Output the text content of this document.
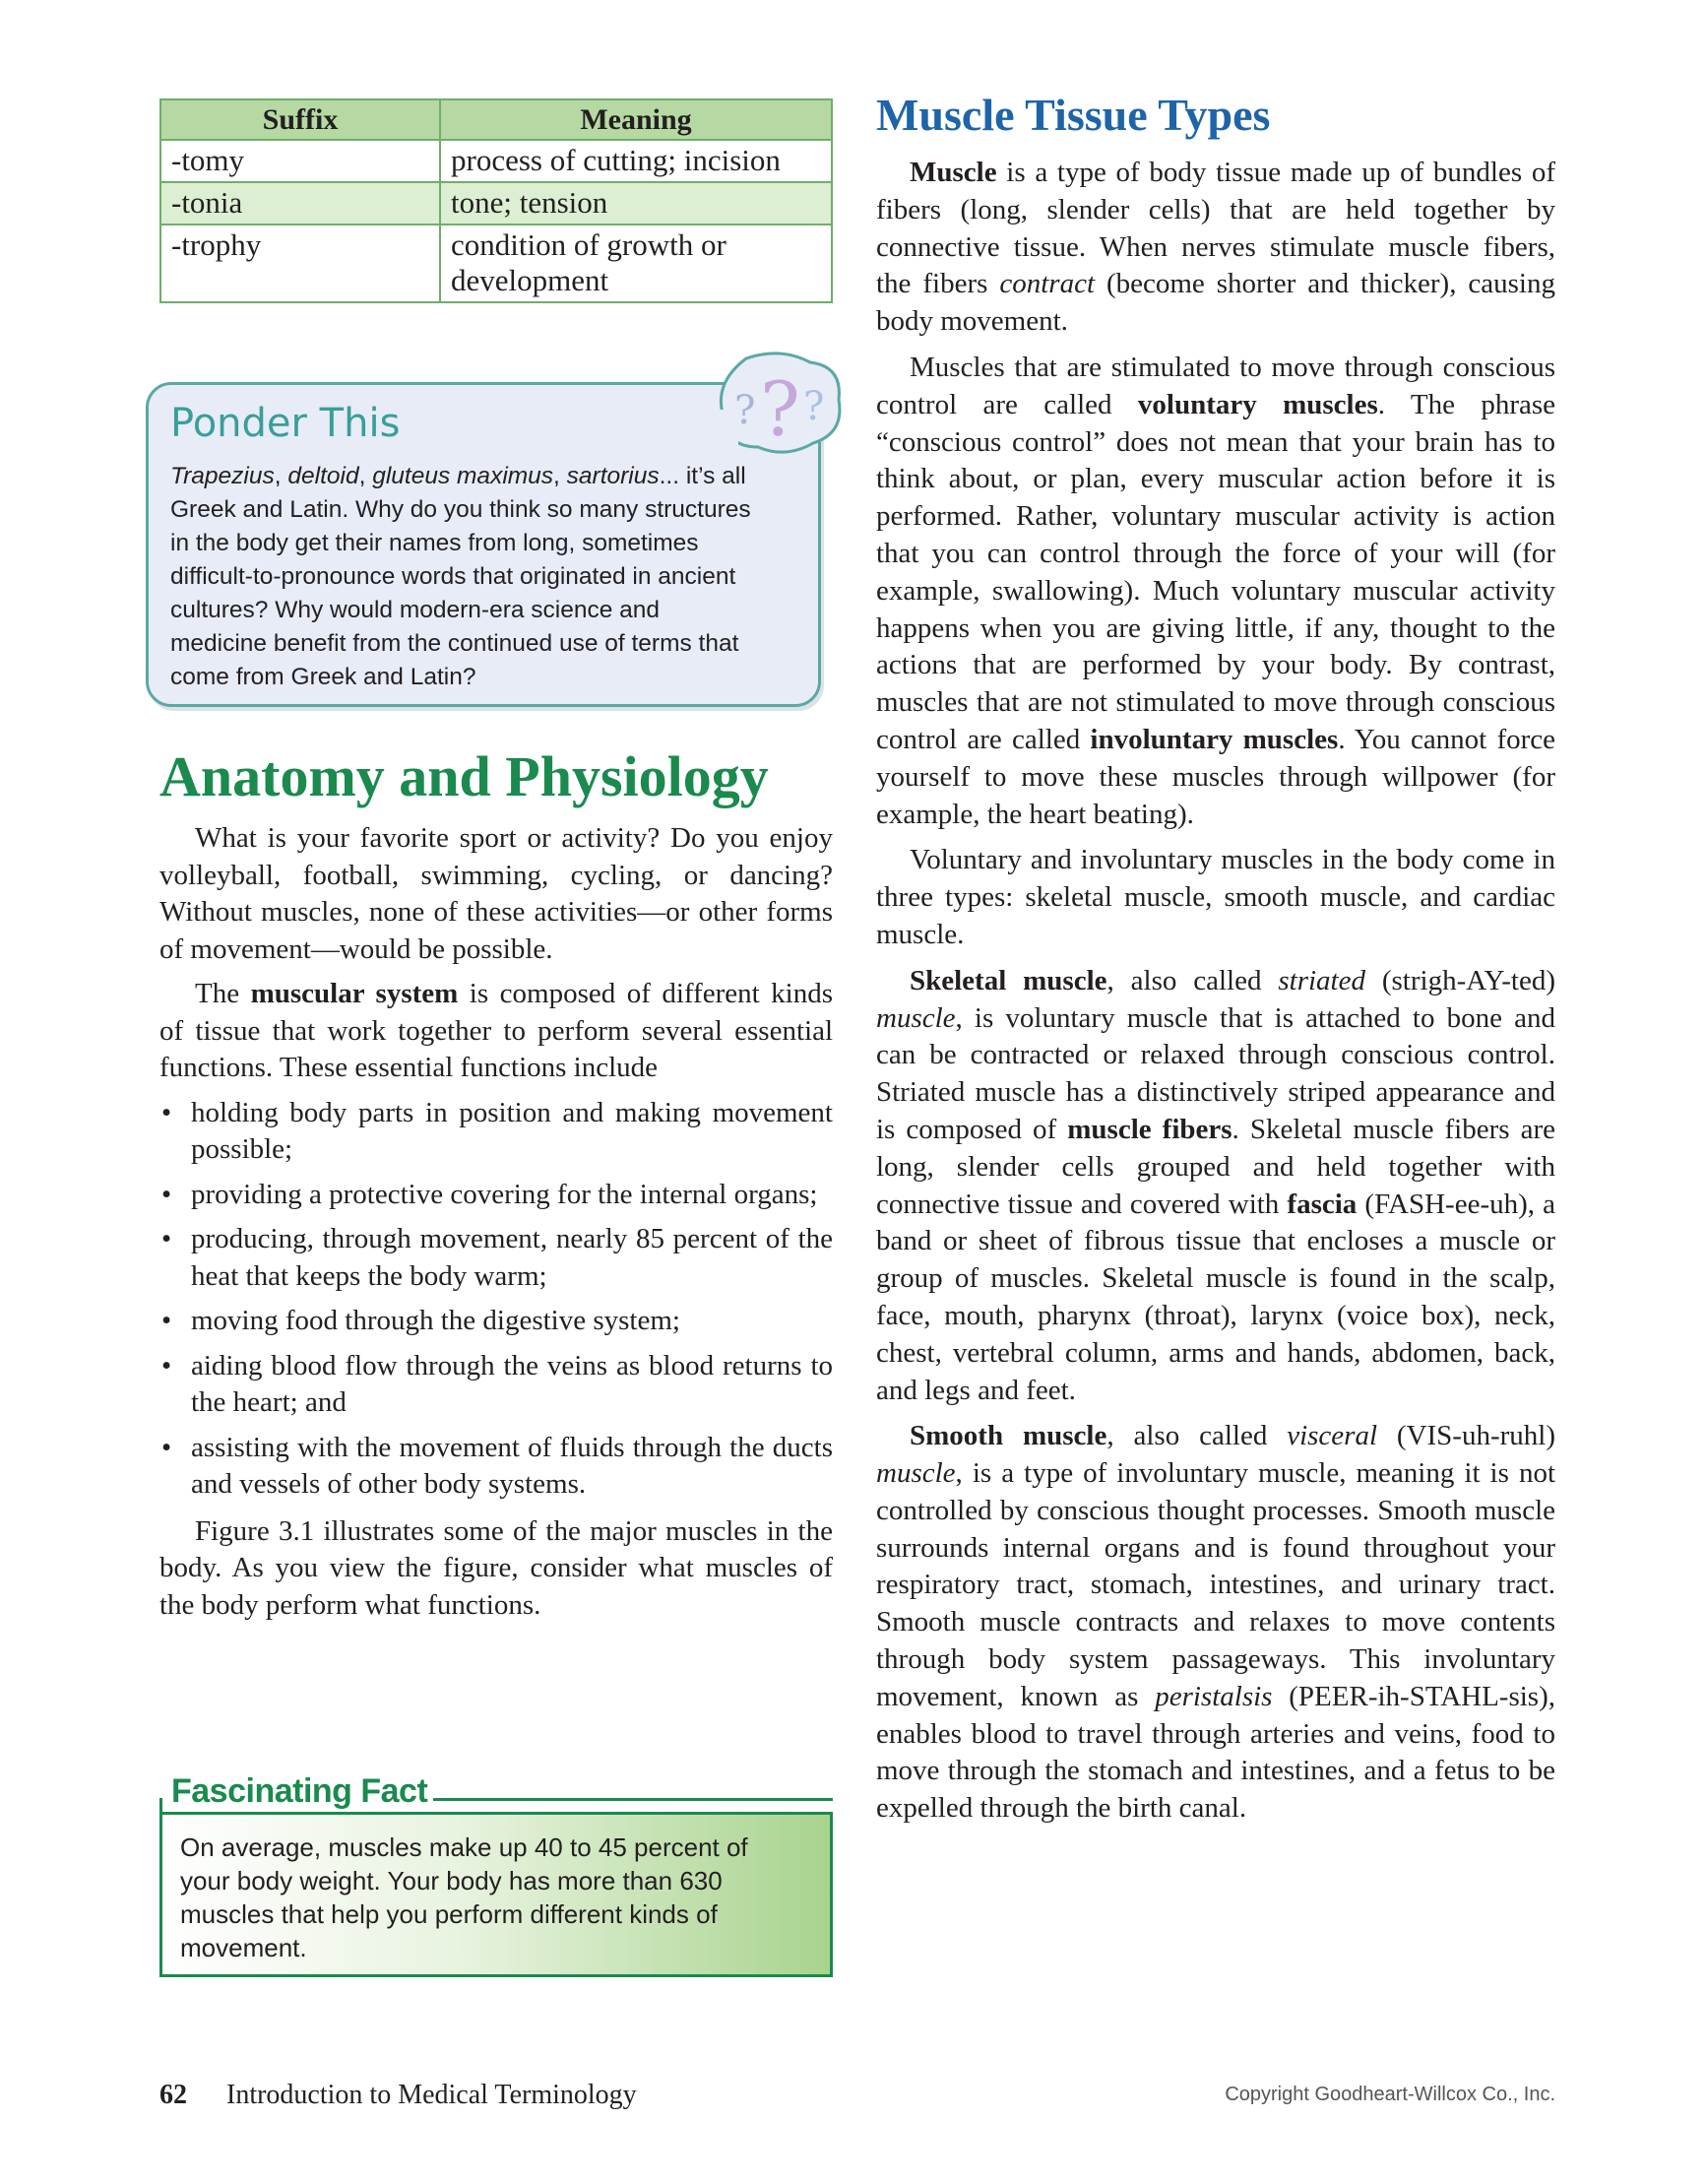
Suffix	Meaning
-tomy	process of cutting; incision
-tonia	tone; tension
-trophy	condition of growth or development
Ponder This
Trapezius, deltoid, gluteus maximus, sartorius... it’s all Greek and Latin. Why do you think so many structures in the body get their names from long, sometimes difficult-to-pronounce words that originated in ancient cultures? Why would modern-era science and medicine benefit from the continued use of terms that come from Greek and Latin?
? ? ?
Anatomy and Physiology

What is your favorite sport or activity? Do you enjoy volleyball, football, swimming, cycling, or dancing? Without muscles, none of these activities—or other forms of movement—would be possible.

The muscular system is composed of different kinds of tissue that work together to perform several essential functions. These essential functions include

• holding body parts in position and making movement possible;
• providing a protective covering for the internal organs;
• producing, through movement, nearly 85 percent of the heat that keeps the body warm;
• moving food through the digestive system;
• aiding blood flow through the veins as blood returns to the heart; and
• assisting with the movement of fluids through the ducts and vessels of other body systems.

Figure 3.1 illustrates some of the major muscles in the body. As you view the figure, consider what muscles of the body perform what functions.

Fascinating Fact
On average, muscles make up 40 to 45 percent of your body weight. Your body has more than 630 muscles that help you perform different kinds of movement.
Muscle Tissue Types

Muscle is a type of body tissue made up of bundles of fibers (long, slender cells) that are held together by connective tissue. When nerves stimulate muscle fibers, the fibers contract (become shorter and thicker), causing body movement.

Muscles that are stimulated to move through conscious control are called voluntary muscles. The phrase “conscious control” does not mean that your brain has to think about, or plan, every muscular action before it is performed. Rather, voluntary muscular activity is action that you can control through the force of your will (for example, swallowing). Much voluntary muscular activity happens when you are giving little, if any, thought to the actions that are performed by your body. By contrast, muscles that are not stimulated to move through conscious control are called involuntary muscles. You cannot force yourself to move these muscles through willpower (for example, the heart beating).

Voluntary and involuntary muscles in the body come in three types: skeletal muscle, smooth muscle, and cardiac muscle.

Skeletal muscle, also called striated (strigh-AY-ted) muscle, is voluntary muscle that is attached to bone and can be contracted or relaxed through conscious control. Striated muscle has a distinctively striped appearance and is composed of muscle fibers. Skeletal muscle fibers are long, slender cells grouped and held together with connective tissue and covered with fascia (FASH-ee-uh), a band or sheet of fibrous tissue that encloses a muscle or group of muscles. Skeletal muscle is found in the scalp, face, mouth, pharynx (throat), larynx (voice box), neck, chest, vertebral column, arms and hands, abdomen, back, and legs and feet.

Smooth muscle, also called visceral (VIS-uh-ruhl) muscle, is a type of involuntary muscle, meaning it is not controlled by conscious thought processes. Smooth muscle surrounds internal organs and is found throughout your respiratory tract, stomach, intestines, and urinary tract. Smooth muscle contracts and relaxes to move contents through body system passageways. This involuntary movement, known as peristalsis (PEER-ih-STAHL-sis), enables blood to travel through arteries and veins, food to move through the stomach and intestines, and a fetus to be expelled through the birth canal.

62 Introduction to Medical Terminology	Copyright Goodheart-Willcox Co., Inc.
